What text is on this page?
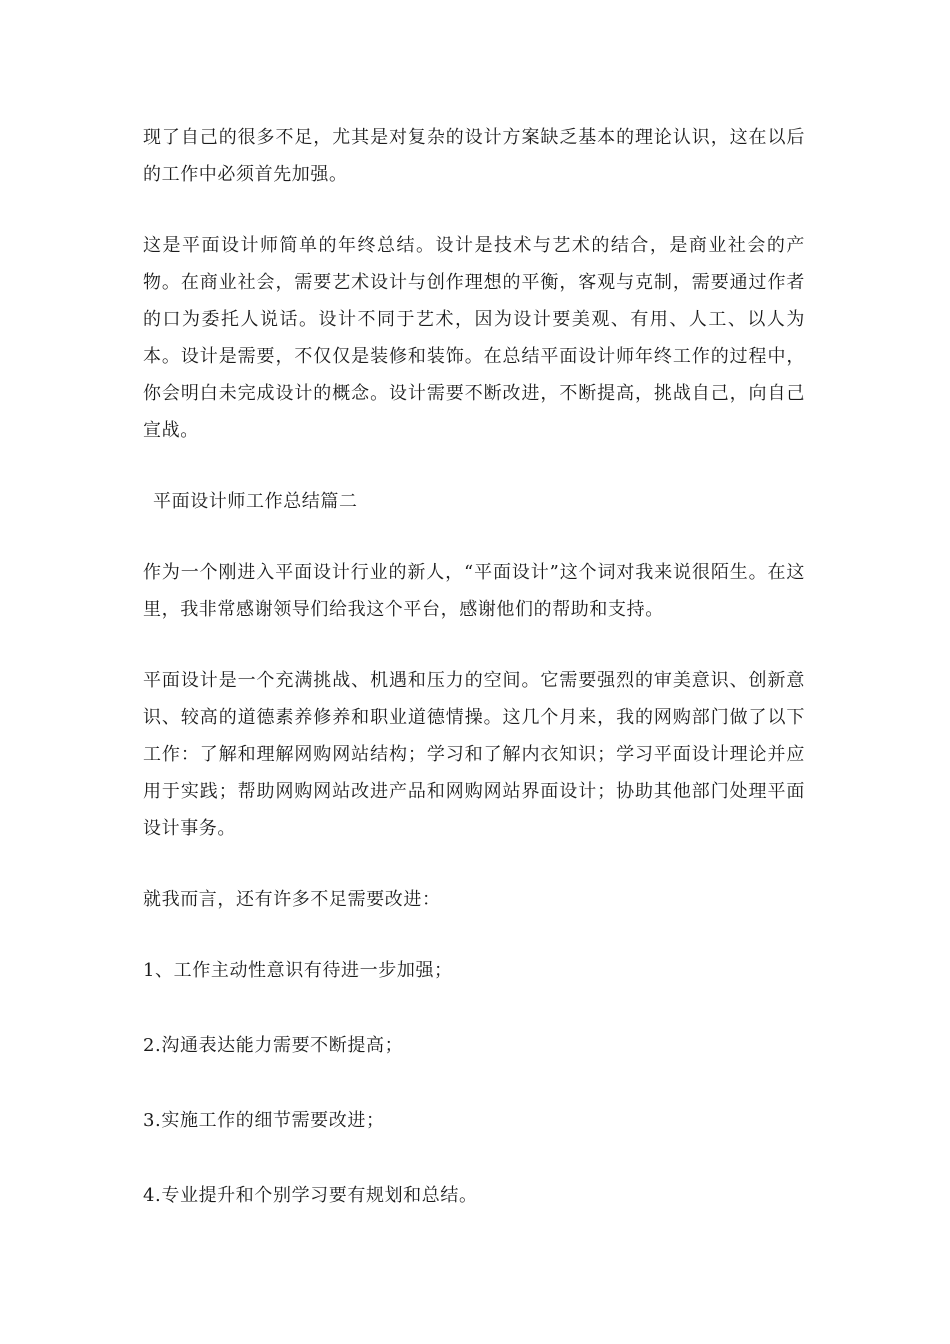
现了自己的很多不足，尤其是对复杂的设计方案缺乏基本的理论认识，这在以后的工作中必须首先加强。

这是平面设计师简单的年终总结。设计是技术与艺术的结合，是商业社会的产物。在商业社会，需要艺术设计与创作理想的平衡，客观与克制，需要通过作者的口为委托人说话。设计不同于艺术，因为设计要美观、有用、人工、以人为本。设计是需要，不仅仅是装修和装饰。在总结平面设计师年终工作的过程中，你会明白未完成设计的概念。设计需要不断改进，不断提高，挑战自己，向自己宣战。

平面设计师工作总结篇二

作为一个刚进入平面设计行业的新人，“平面设计”这个词对我来说很陌生。在这里，我非常感谢领导们给我这个平台，感谢他们的帮助和支持。

平面设计是一个充满挑战、机遇和压力的空间。它需要强烈的审美意识、创新意识、较高的道德素养修养和职业道德情操。这几个月来，我的网购部门做了以下工作：了解和理解网购网站结构；学习和了解内衣知识；学习平面设计理论并应用于实践；帮助网购网站改进产品和网购网站界面设计；协助其他部门处理平面设计事务。

就我而言，还有许多不足需要改进：

1、工作主动性意识有待进一步加强；

2.沟通表达能力需要不断提高；

3.实施工作的细节需要改进；

4.专业提升和个别学习要有规划和总结。
